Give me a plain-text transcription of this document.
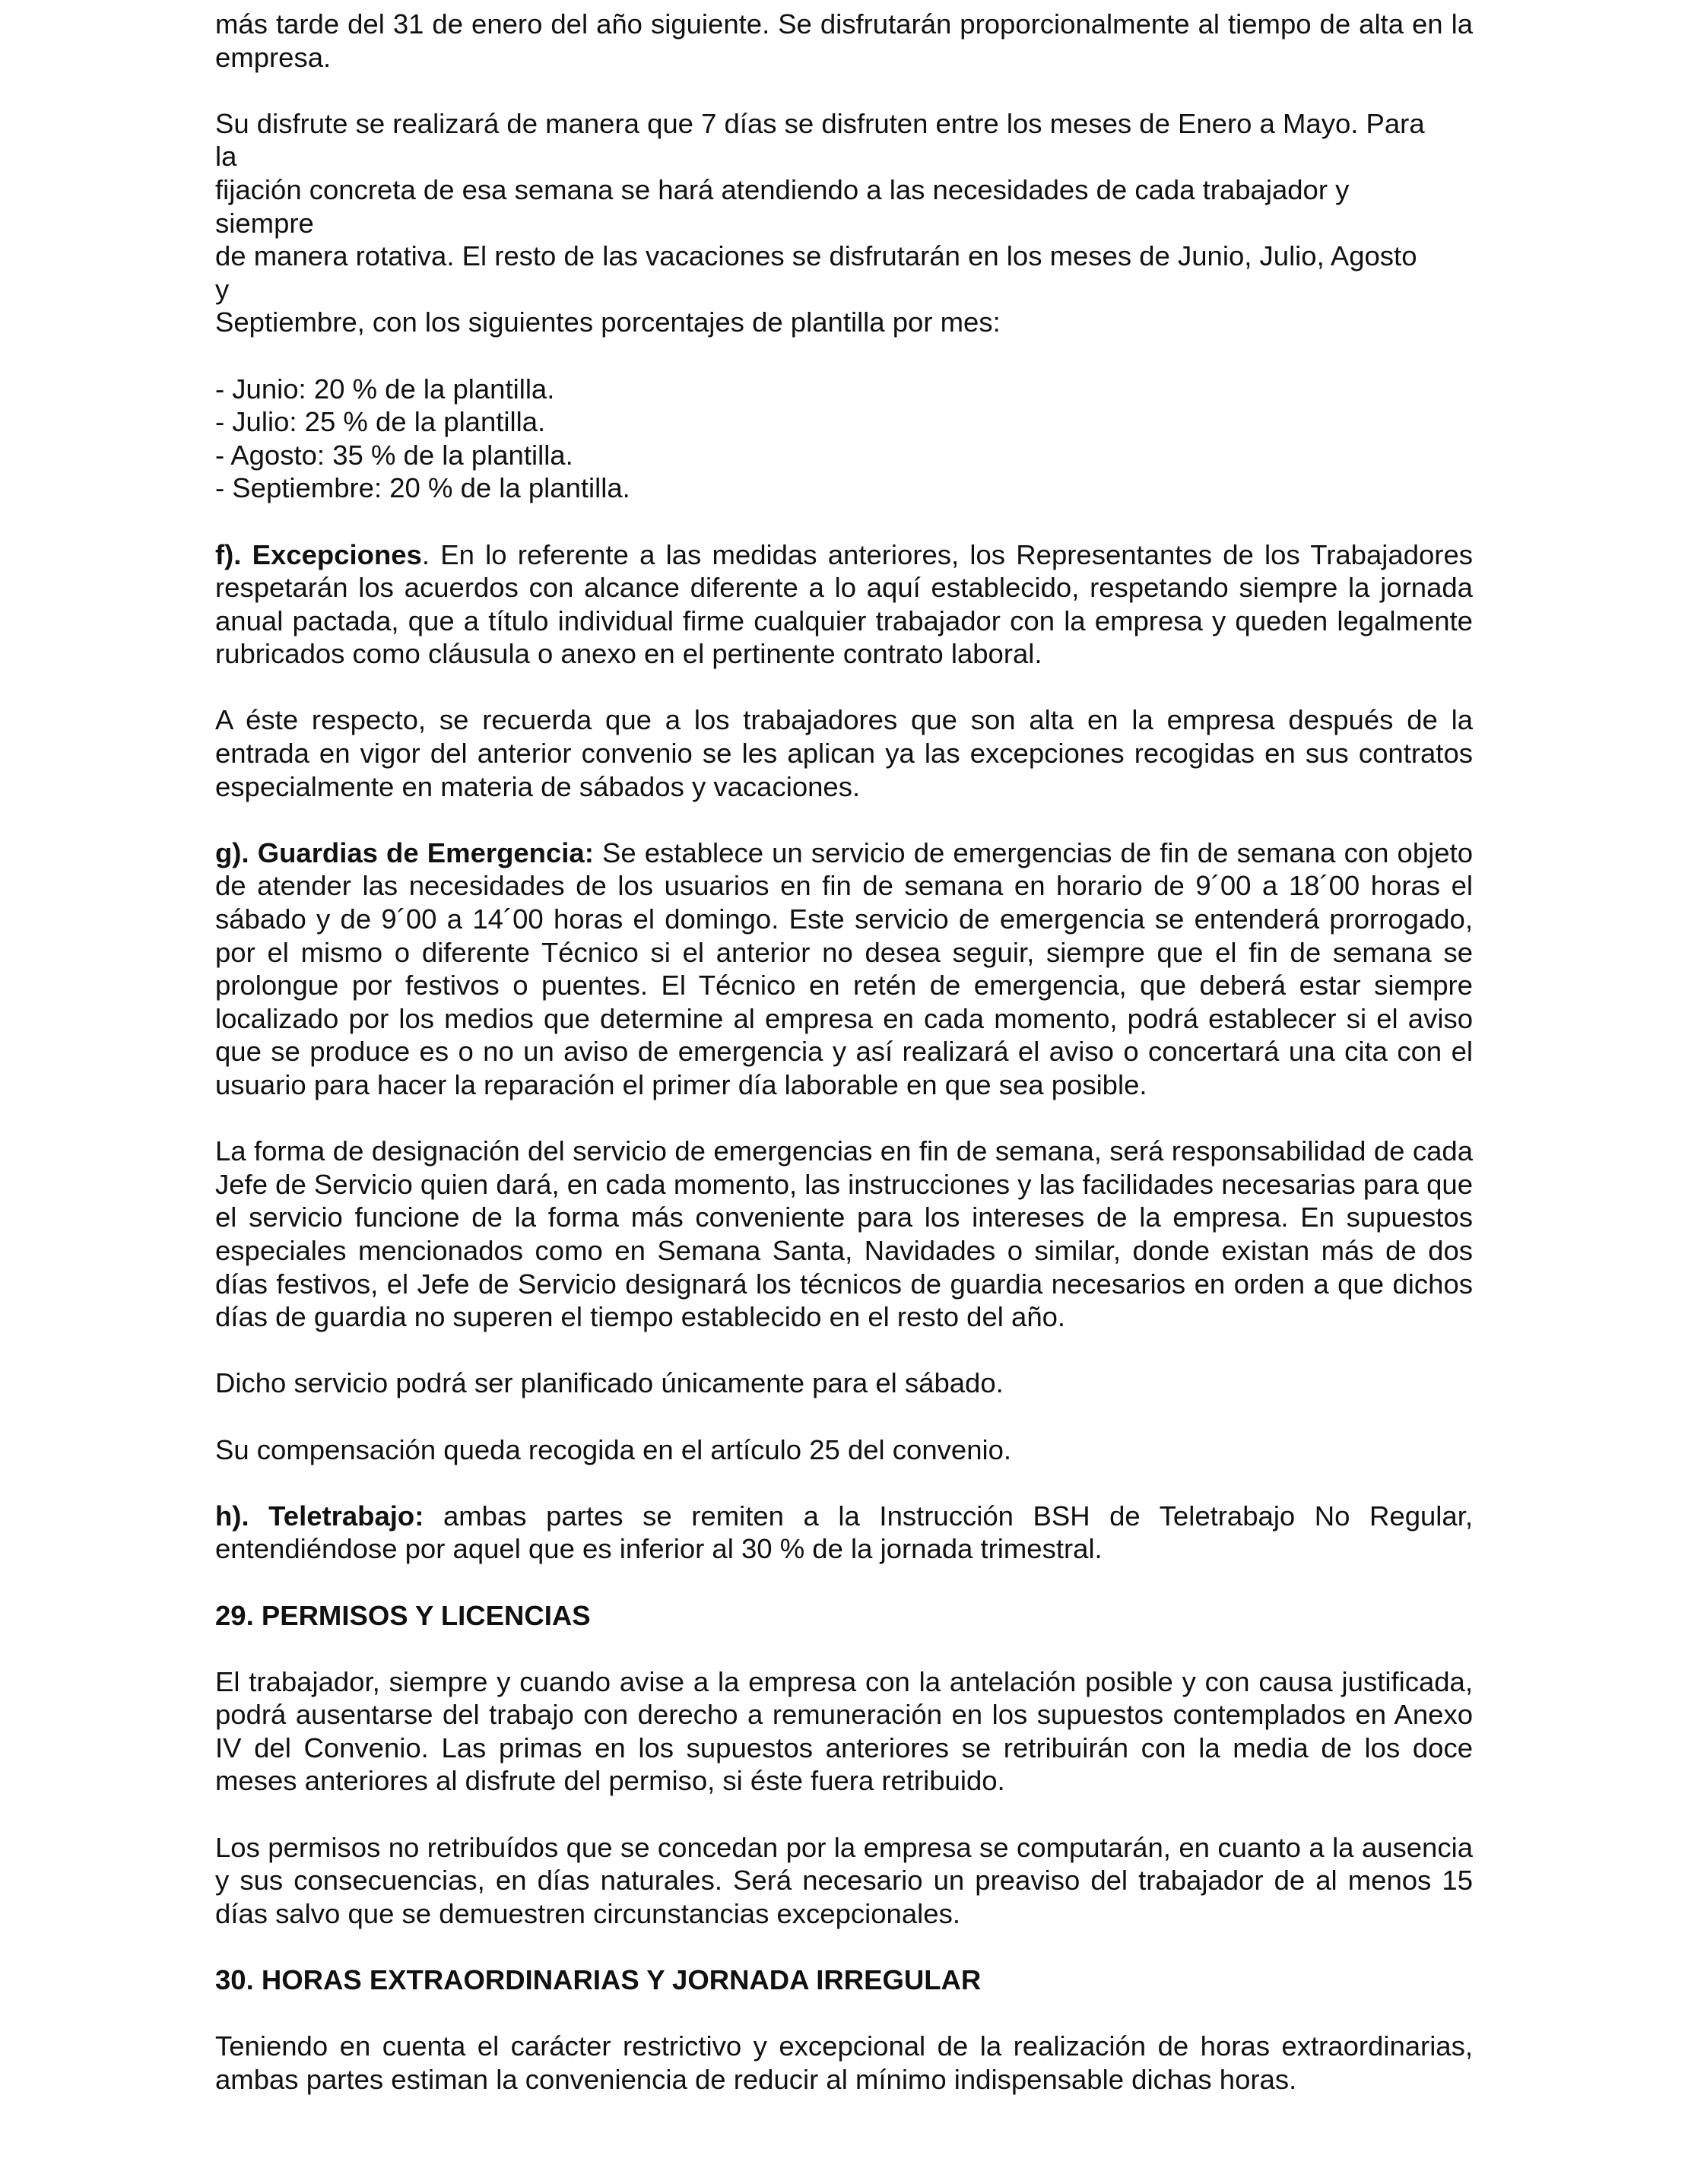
más tarde del 31 de enero del año siguiente. Se disfrutarán proporcionalmente al tiempo de alta en la empresa.

Su disfrute se realizará de manera que 7 días se disfruten entre los meses de Enero a Mayo. Para
la
fijación concreta de esa semana se hará atendiendo a las necesidades de cada trabajador y
siempre
de manera rotativa. El resto de las vacaciones se disfrutarán en los meses de Junio, Julio, Agosto
y
Septiembre, con los siguientes porcentajes de plantilla por mes:

- Junio: 20 % de la plantilla.
- Julio: 25 % de la plantilla.
- Agosto: 35 % de la plantilla.
- Septiembre: 20 % de la plantilla.

f). Excepciones. En lo referente a las medidas anteriores, los Representantes de los Trabajadores respetarán los acuerdos con alcance diferente a lo aquí establecido, respetando siempre la jornada anual pactada, que a título individual firme cualquier trabajador con la empresa y queden legalmente rubricados como cláusula o anexo en el pertinente contrato laboral.

A éste respecto, se recuerda que a los trabajadores que son alta en la empresa después de la entrada en vigor del anterior convenio se les aplican ya las excepciones recogidas en sus contratos especialmente en materia de sábados y vacaciones.

g). Guardias de Emergencia: Se establece un servicio de emergencias de fin de semana con objeto de atender las necesidades de los usuarios en fin de semana en horario de 9´00 a 18´00 horas el sábado y de 9´00 a 14´00 horas el domingo. Este servicio de emergencia se entenderá prorrogado, por el mismo o diferente Técnico si el anterior no desea seguir, siempre que el fin de semana se prolongue por festivos o puentes. El Técnico en retén de emergencia, que deberá estar siempre localizado por los medios que determine al empresa en cada momento, podrá establecer si el aviso que se produce es o no un aviso de emergencia y así realizará el aviso o concertará una cita con el usuario para hacer la reparación el primer día laborable en que sea posible.

La forma de designación del servicio de emergencias en fin de semana, será responsabilidad de cada Jefe de Servicio quien dará, en cada momento, las instrucciones y las facilidades necesarias para que el servicio funcione de la forma más conveniente para los intereses de la empresa. En supuestos especiales mencionados como en Semana Santa, Navidades o similar, donde existan más de dos días festivos, el Jefe de Servicio designará los técnicos de guardia necesarios en orden a que dichos días de guardia no superen el tiempo establecido en el resto del año.

Dicho servicio podrá ser planificado únicamente para el sábado.

Su compensación queda recogida en el artículo 25 del convenio.

h). Teletrabajo: ambas partes se remiten a la Instrucción BSH de Teletrabajo No Regular, entendiéndose por aquel que es inferior al 30 % de la jornada trimestral.

29. PERMISOS Y LICENCIAS

El trabajador, siempre y cuando avise a la empresa con la antelación posible y con causa justificada, podrá ausentarse del trabajo con derecho a remuneración en los supuestos contemplados en Anexo IV del Convenio. Las primas en los supuestos anteriores se retribuirán con la media de los doce meses anteriores al disfrute del permiso, si éste fuera retribuido.

Los permisos no retribuídos que se concedan por la empresa se computarán, en cuanto a la ausencia y sus consecuencias, en días naturales. Será necesario un preaviso del trabajador de al menos 15 días salvo que se demuestren circunstancias excepcionales.

30. HORAS EXTRAORDINARIAS Y JORNADA IRREGULAR

Teniendo en cuenta el carácter restrictivo y excepcional de la realización de horas extraordinarias, ambas partes estiman la conveniencia de reducir al mínimo indispensable dichas horas.
